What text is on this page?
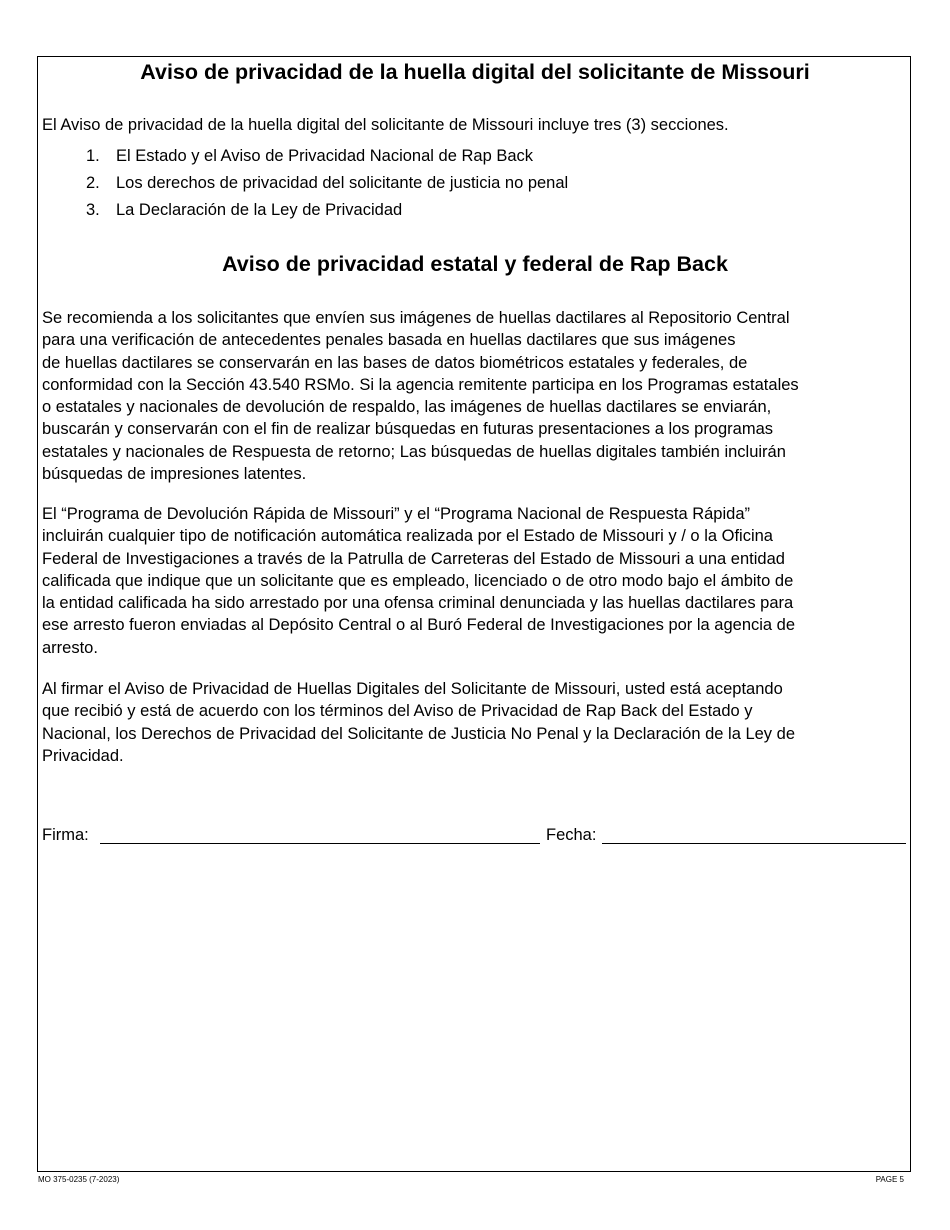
Aviso de privacidad de la huella digital del solicitante de Missouri

El Aviso de privacidad de la huella digital del solicitante de Missouri incluye tres (3) secciones.

1. El Estado y el Aviso de Privacidad Nacional de Rap Back
2. Los derechos de privacidad del solicitante de justicia no penal
3. La Declaración de la Ley de Privacidad
Aviso de privacidad estatal y federal de Rap Back

Se recomienda a los solicitantes que envíen sus imágenes de huellas dactilares al Repositorio Central
para una verificación de antecedentes penales basada en huellas dactilares que sus imágenes
de huellas dactilares se conservarán en las bases de datos biométricos estatales y federales, de
conformidad con la Sección 43.540 RSMo. Si la agencia remitente participa en los Programas estatales
o estatales y nacionales de devolución de respaldo, las imágenes de huellas dactilares se enviarán,
buscarán y conservarán con el fin de realizar búsquedas en futuras presentaciones a los programas
estatales y nacionales de Respuesta de retorno; Las búsquedas de huellas digitales también incluirán
búsquedas de impresiones latentes.

El “Programa de Devolución Rápida de Missouri” y el “Programa Nacional de Respuesta Rápida”
incluirán cualquier tipo de notificación automática realizada por el Estado de Missouri y / o la Oficina
Federal de Investigaciones a través de la Patrulla de Carreteras del Estado de Missouri a una entidad
calificada que indique que un solicitante que es empleado, licenciado o de otro modo bajo el ámbito de
la entidad calificada ha sido arrestado por una ofensa criminal denunciada y las huellas dactilares para
ese arresto fueron enviadas al Depósito Central o al Buró Federal de Investigaciones por la agencia de
arresto.

Al firmar el Aviso de Privacidad de Huellas Digitales del Solicitante de Missouri, usted está aceptando
que recibió y está de acuerdo con los términos del Aviso de Privacidad de Rap Back del Estado y
Nacional, los Derechos de Privacidad del Solicitante de Justicia No Penal y la Declaración de la Ley de
Privacidad.

Firma:	Fecha:
MO 375-0235 (7-2023)	PAGE 5
